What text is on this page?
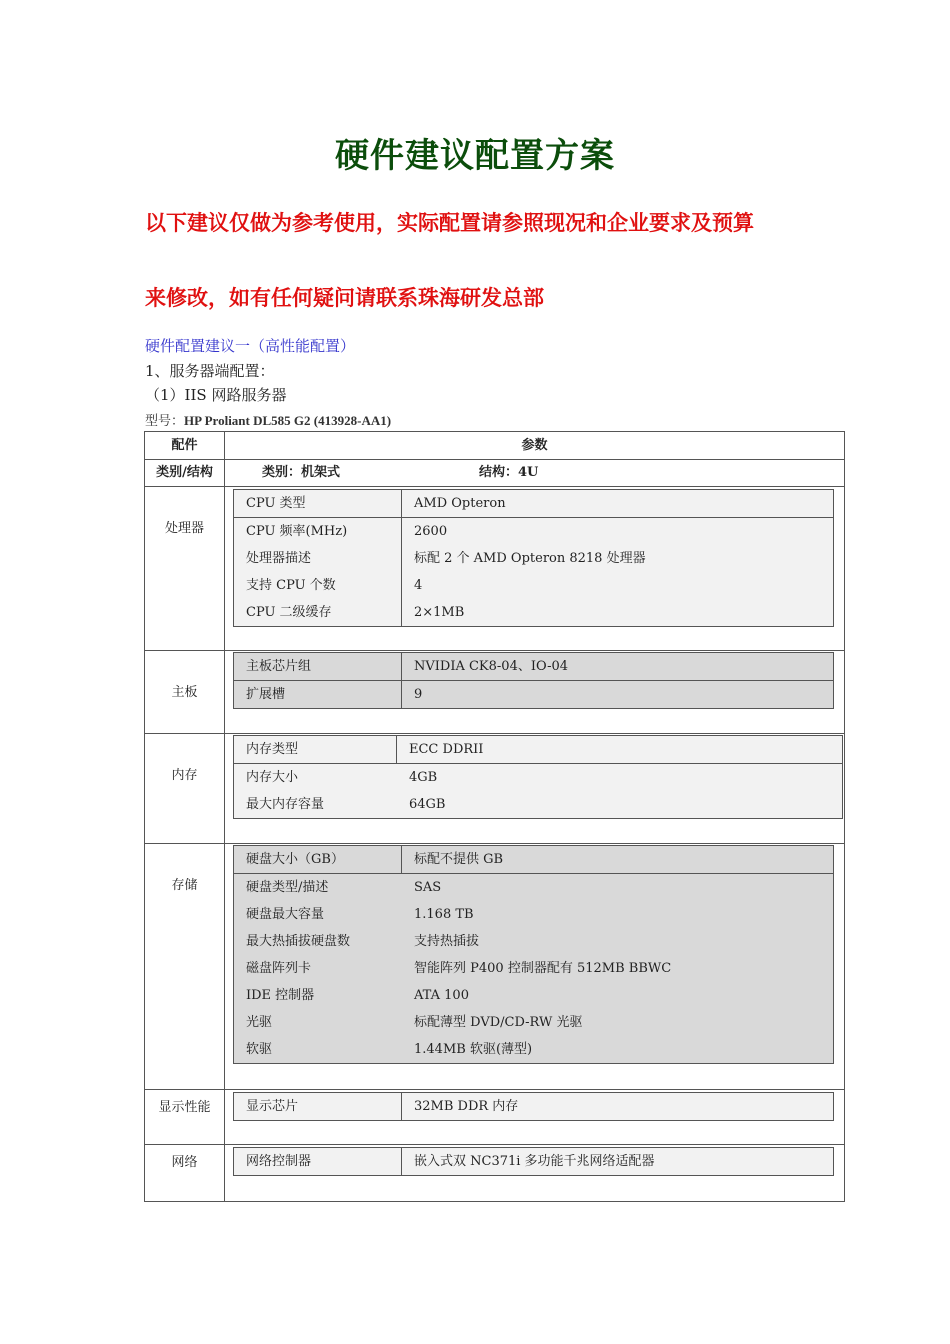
硬件建议配置方案
以下建议仅做为参考使用，实际配置请参照现况和企业要求及预算
来修改，如有任何疑问请联系珠海研发总部
硬件配置建议一（高性能配置）
1、服务器端配置：
（1）IIS 网路服务器
型号：HP Proliant DL585 G2 (413928-AA1)
配件	参数
类别/结构	类别：机架式	结构：4U
处理器
CPU 类型	AMD Opteron
CPU 频率(MHz)	2600
处理器描述	标配 2 个 AMD Opteron 8218 处理器
支持 CPU 个数	4
CPU 二级缓存	2×1MB
主板
主板芯片组	NVIDIA CK8-04、IO-04
扩展槽	9
内存
内存类型	ECC DDRII
内存大小	4GB
最大内存容量	64GB
存储
硬盘大小（GB）	标配不提供 GB
硬盘类型/描述	SAS
硬盘最大容量	1.168 TB
最大热插拔硬盘数	支持热插拔
磁盘阵列卡	智能阵列 P400 控制器配有 512MB BBWC
IDE 控制器	ATA 100
光驱	标配薄型 DVD/CD-RW 光驱
软驱	1.44MB 软驱(薄型)
显示性能	显示芯片	32MB DDR 内存
网络	网络控制器	嵌入式双 NC371i 多功能千兆网络适配器
